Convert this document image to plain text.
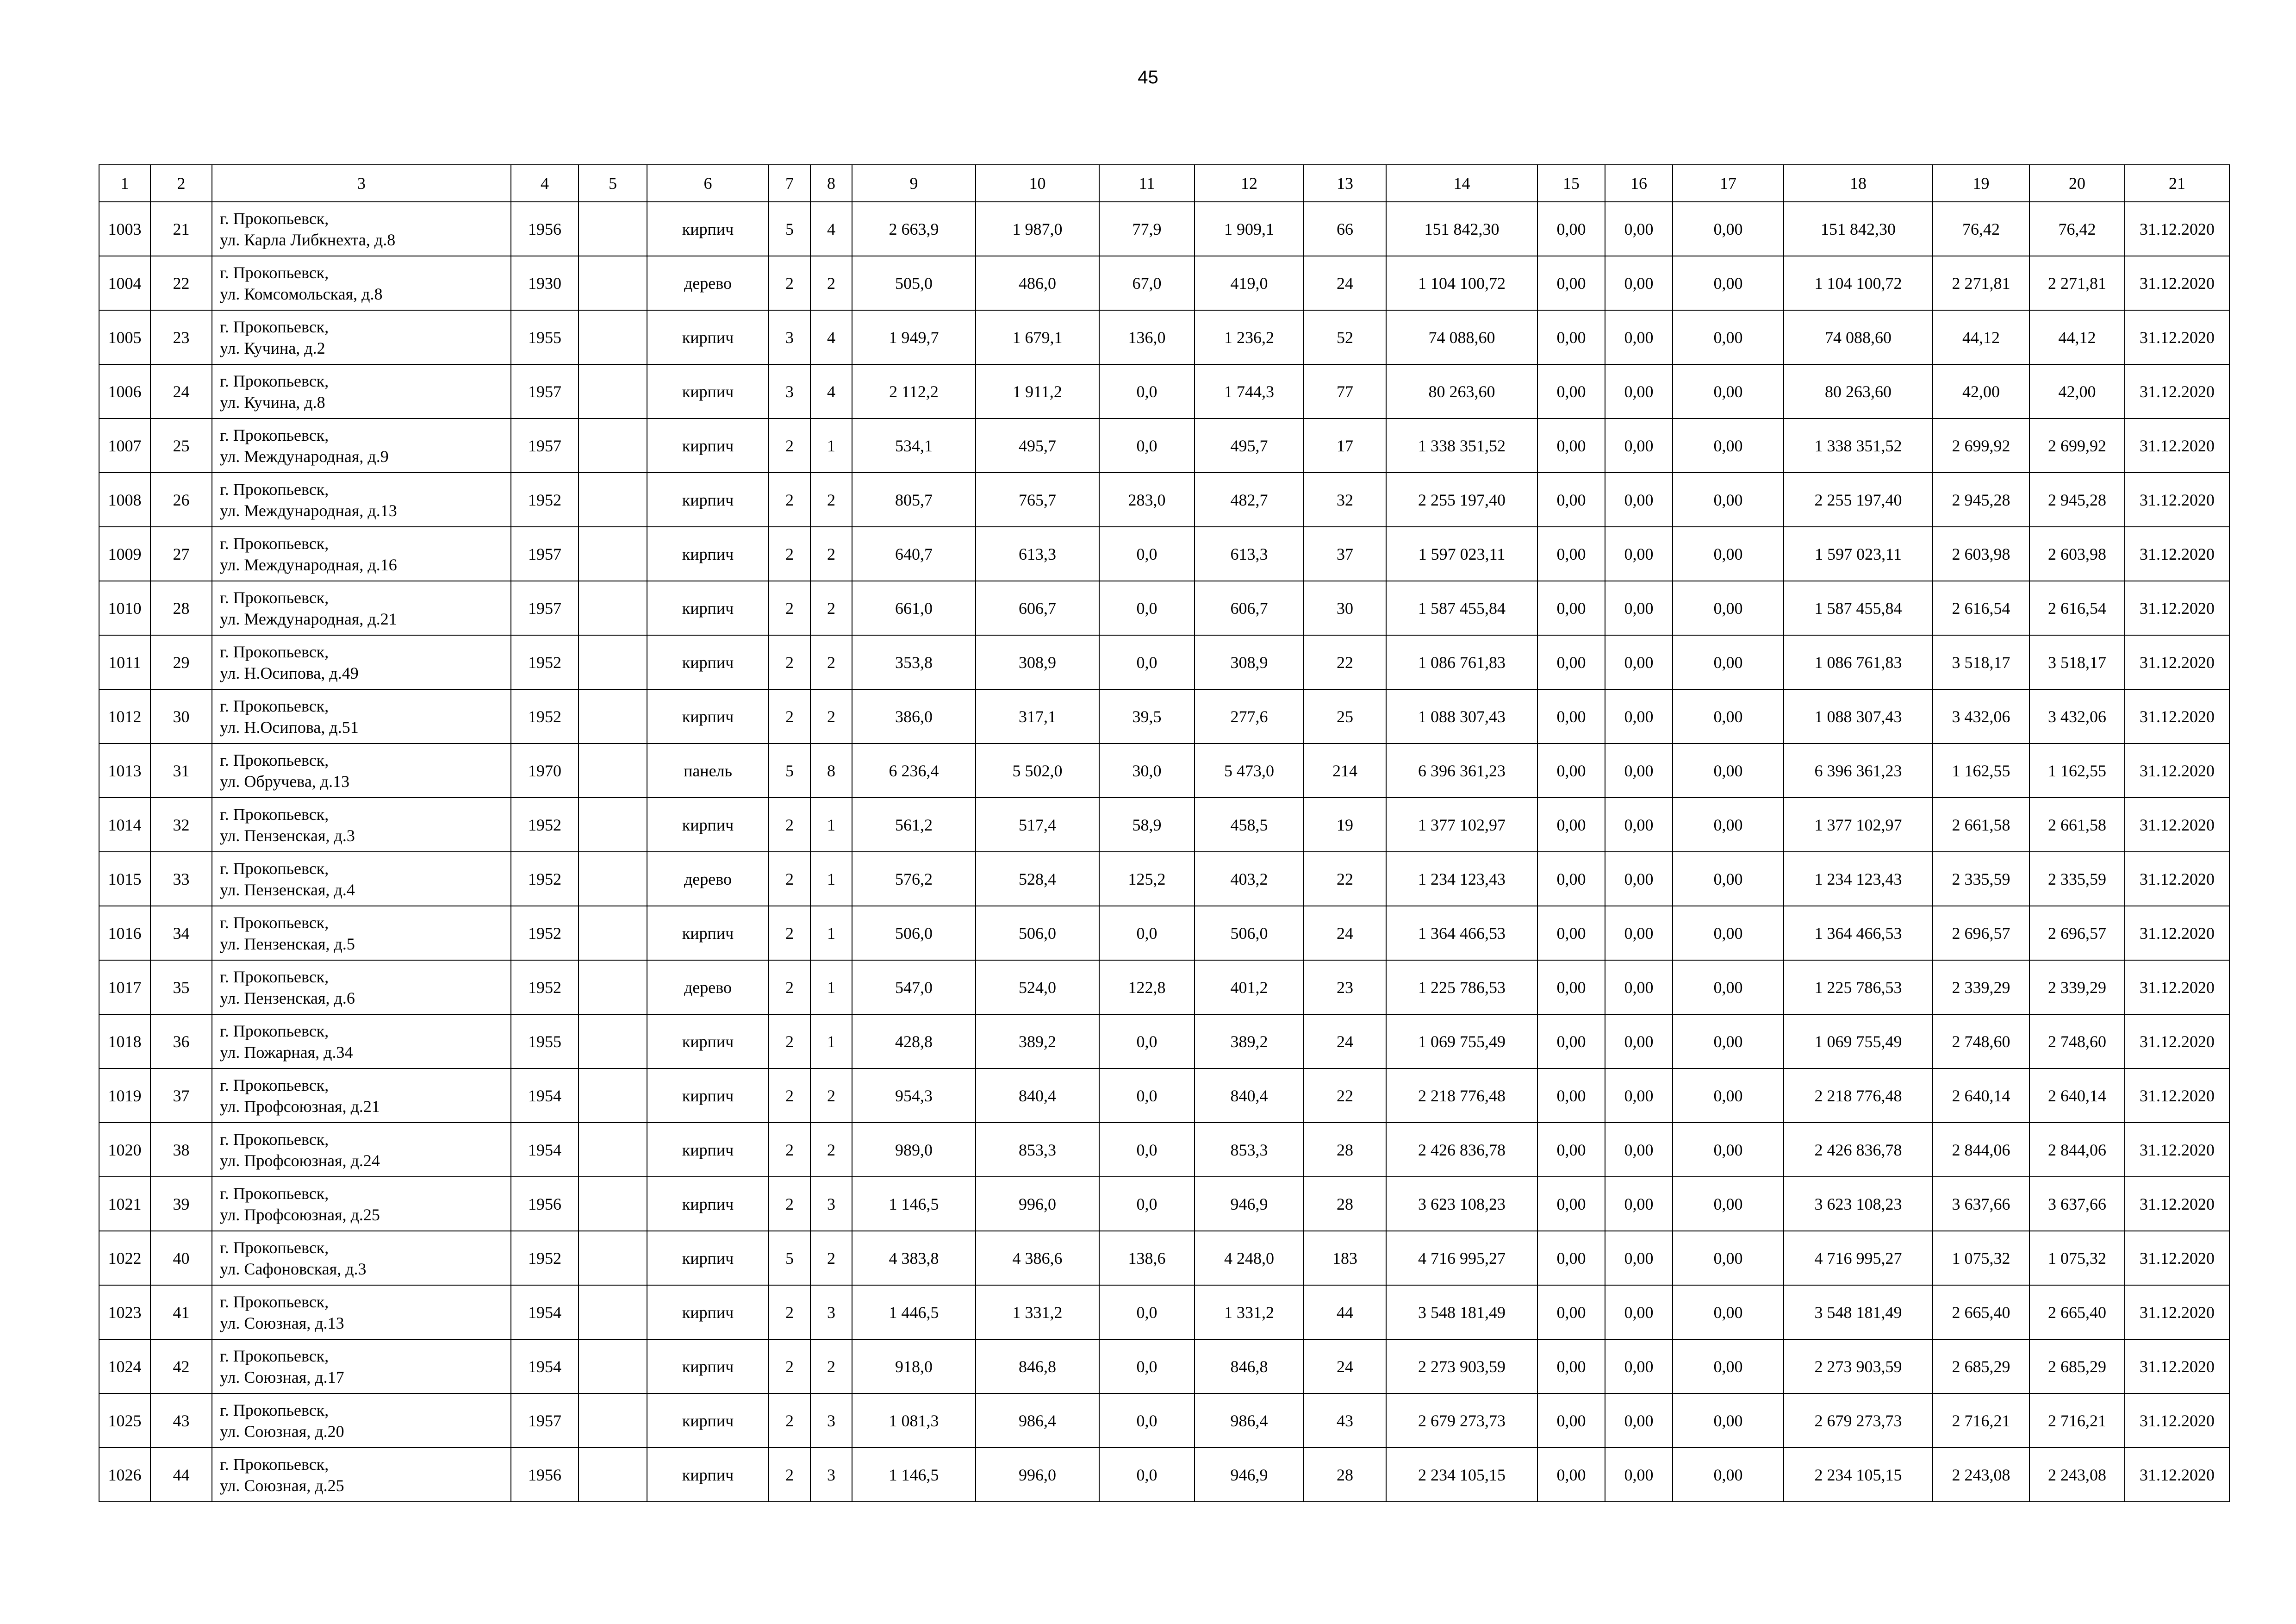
45
1	2	3	4	5	6	7	8	9	10	11	12	13	14	15	16	17	18	19	20	21
1003	21	г. Прокопьевск,
ул. Карла Либкнехта, д.8	1956		кирпич	5	4	2 663,9	1 987,0	77,9	1 909,1	66	151 842,30	0,00	0,00	0,00	151 842,30	76,42	76,42	31.12.2020
1004	22	г. Прокопьевск,
ул. Комсомольская, д.8	1930		дерево	2	2	505,0	486,0	67,0	419,0	24	1 104 100,72	0,00	0,00	0,00	1 104 100,72	2 271,81	2 271,81	31.12.2020
1005	23	г. Прокопьевск,
ул. Кучина, д.2	1955		кирпич	3	4	1 949,7	1 679,1	136,0	1 236,2	52	74 088,60	0,00	0,00	0,00	74 088,60	44,12	44,12	31.12.2020
1006	24	г. Прокопьевск,
ул. Кучина, д.8	1957		кирпич	3	4	2 112,2	1 911,2	0,0	1 744,3	77	80 263,60	0,00	0,00	0,00	80 263,60	42,00	42,00	31.12.2020
1007	25	г. Прокопьевск,
ул. Международная, д.9	1957		кирпич	2	1	534,1	495,7	0,0	495,7	17	1 338 351,52	0,00	0,00	0,00	1 338 351,52	2 699,92	2 699,92	31.12.2020
1008	26	г. Прокопьевск,
ул. Международная, д.13	1952		кирпич	2	2	805,7	765,7	283,0	482,7	32	2 255 197,40	0,00	0,00	0,00	2 255 197,40	2 945,28	2 945,28	31.12.2020
1009	27	г. Прокопьевск,
ул. Международная, д.16	1957		кирпич	2	2	640,7	613,3	0,0	613,3	37	1 597 023,11	0,00	0,00	0,00	1 597 023,11	2 603,98	2 603,98	31.12.2020
1010	28	г. Прокопьевск,
ул. Международная, д.21	1957		кирпич	2	2	661,0	606,7	0,0	606,7	30	1 587 455,84	0,00	0,00	0,00	1 587 455,84	2 616,54	2 616,54	31.12.2020
1011	29	г. Прокопьевск,
ул. Н.Осипова, д.49	1952		кирпич	2	2	353,8	308,9	0,0	308,9	22	1 086 761,83	0,00	0,00	0,00	1 086 761,83	3 518,17	3 518,17	31.12.2020
1012	30	г. Прокопьевск,
ул. Н.Осипова, д.51	1952		кирпич	2	2	386,0	317,1	39,5	277,6	25	1 088 307,43	0,00	0,00	0,00	1 088 307,43	3 432,06	3 432,06	31.12.2020
1013	31	г. Прокопьевск,
ул. Обручева, д.13	1970		панель	5	8	6 236,4	5 502,0	30,0	5 473,0	214	6 396 361,23	0,00	0,00	0,00	6 396 361,23	1 162,55	1 162,55	31.12.2020
1014	32	г. Прокопьевск,
ул. Пензенская, д.3	1952		кирпич	2	1	561,2	517,4	58,9	458,5	19	1 377 102,97	0,00	0,00	0,00	1 377 102,97	2 661,58	2 661,58	31.12.2020
1015	33	г. Прокопьевск,
ул. Пензенская, д.4	1952		дерево	2	1	576,2	528,4	125,2	403,2	22	1 234 123,43	0,00	0,00	0,00	1 234 123,43	2 335,59	2 335,59	31.12.2020
1016	34	г. Прокопьевск,
ул. Пензенская, д.5	1952		кирпич	2	1	506,0	506,0	0,0	506,0	24	1 364 466,53	0,00	0,00	0,00	1 364 466,53	2 696,57	2 696,57	31.12.2020
1017	35	г. Прокопьевск,
ул. Пензенская, д.6	1952		дерево	2	1	547,0	524,0	122,8	401,2	23	1 225 786,53	0,00	0,00	0,00	1 225 786,53	2 339,29	2 339,29	31.12.2020
1018	36	г. Прокопьевск,
ул. Пожарная, д.34	1955		кирпич	2	1	428,8	389,2	0,0	389,2	24	1 069 755,49	0,00	0,00	0,00	1 069 755,49	2 748,60	2 748,60	31.12.2020
1019	37	г. Прокопьевск,
ул. Профсоюзная, д.21	1954		кирпич	2	2	954,3	840,4	0,0	840,4	22	2 218 776,48	0,00	0,00	0,00	2 218 776,48	2 640,14	2 640,14	31.12.2020
1020	38	г. Прокопьевск,
ул. Профсоюзная, д.24	1954		кирпич	2	2	989,0	853,3	0,0	853,3	28	2 426 836,78	0,00	0,00	0,00	2 426 836,78	2 844,06	2 844,06	31.12.2020
1021	39	г. Прокопьевск,
ул. Профсоюзная, д.25	1956		кирпич	2	3	1 146,5	996,0	0,0	946,9	28	3 623 108,23	0,00	0,00	0,00	3 623 108,23	3 637,66	3 637,66	31.12.2020
1022	40	г. Прокопьевск,
ул. Сафоновская, д.3	1952		кирпич	5	2	4 383,8	4 386,6	138,6	4 248,0	183	4 716 995,27	0,00	0,00	0,00	4 716 995,27	1 075,32	1 075,32	31.12.2020
1023	41	г. Прокопьевск,
ул. Союзная, д.13	1954		кирпич	2	3	1 446,5	1 331,2	0,0	1 331,2	44	3 548 181,49	0,00	0,00	0,00	3 548 181,49	2 665,40	2 665,40	31.12.2020
1024	42	г. Прокопьевск,
ул. Союзная, д.17	1954		кирпич	2	2	918,0	846,8	0,0	846,8	24	2 273 903,59	0,00	0,00	0,00	2 273 903,59	2 685,29	2 685,29	31.12.2020
1025	43	г. Прокопьевск,
ул. Союзная, д.20	1957		кирпич	2	3	1 081,3	986,4	0,0	986,4	43	2 679 273,73	0,00	0,00	0,00	2 679 273,73	2 716,21	2 716,21	31.12.2020
1026	44	г. Прокопьевск,
ул. Союзная, д.25	1956		кирпич	2	3	1 146,5	996,0	0,0	946,9	28	2 234 105,15	0,00	0,00	0,00	2 234 105,15	2 243,08	2 243,08	31.12.2020
